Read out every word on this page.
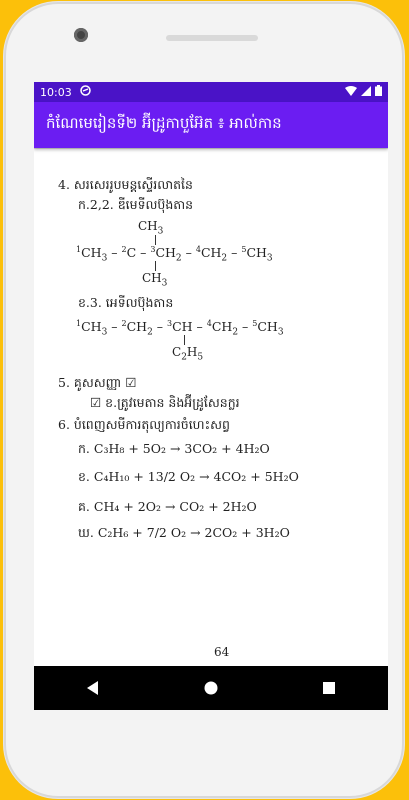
10:03
កំណែមេរៀនទី២ អ៊ីដ្រូកាបួអ៊ែត ៖ អាល់កាន
4. សរសេររូបមន្តស្ទើរលាតនៃ
ក.2,2. ឌីមេទីលប៊ុងតាន
$CH_3$
$^1CH_3 - ^2C - ^3CH_2 - ^4CH_2 - ^5CH_3$
$CH_3$
ខ.3. អេទីលប៊ុងតាន
$^1CH_3 - ^2CH_2 - ^3CH - ^4CH_2 - ^5CH_3$
$C_2H_5$
5. គូសសញ្ញា ☑
☑ ខ.ត្រូវមេតាន និងអ៊ីដ្រូសែនក្លរ
6. បំពេញសមីការតុល្យការចំហេះសព្វ
ក. C₃H₈ + 5O₂ → 3CO₂ + 4H₂O
ខ. C₄H₁₀ + 13/2 O₂ → 4CO₂ + 5H₂O
គ. CH₄ + 2O₂ → CO₂ + 2H₂O
ឃ. C₂H₆ + 7/2 O₂ → 2CO₂ + 3H₂O
64
